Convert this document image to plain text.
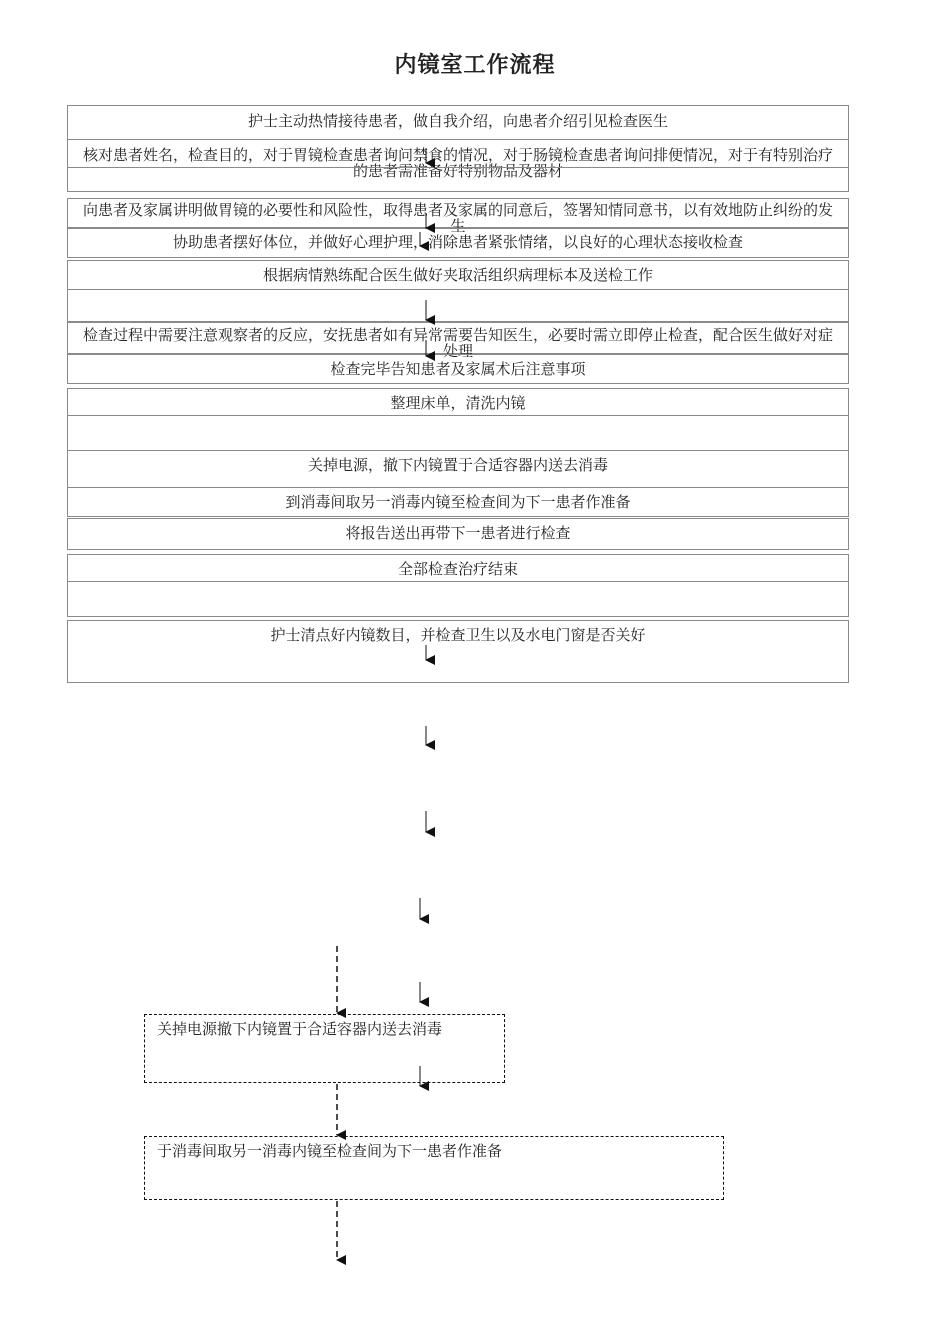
内镜室工作流程
护士主动热情接待患者，做自我介绍，向患者介绍引见检查医生
核对患者姓名，检查目的，对于胃镜检查患者询问禁食的情况，对于肠镜检查患者询问排便情况，对于有特别治疗的患者需准备好特别物品及器材
向患者及家属讲明做胃镜的必要性和风险性，取得患者及家属的同意后，签署知情同意书，以有效地防止纠纷的发生
协助患者摆好体位，并做好心理护理，消除患者紧张情绪，以良好的心理状态接收检查
根据病情熟练配合医生做好夹取活组织病理标本及送检工作
检查过程中需要注意观察者的反应，安抚患者如有异常需要告知医生，必要时需立即停止检查，配合医生做好对症处理
检查完毕告知患者及家属术后注意事项
整理床单，清洗内镜
关掉电源，撤下内镜置于合适容器内送去消毒
到消毒间取另一消毒内镜至检查间为下一患者作准备
将报告送出再带下一患者进行检查
全部检查治疗结束
护士清点好内镜数目，并检查卫生以及水电门窗是否关好
关掉电源撤下内镜置于合适容器内送去消毒
于消毒间取另一消毒内镜至检查间为下一患者作准备
